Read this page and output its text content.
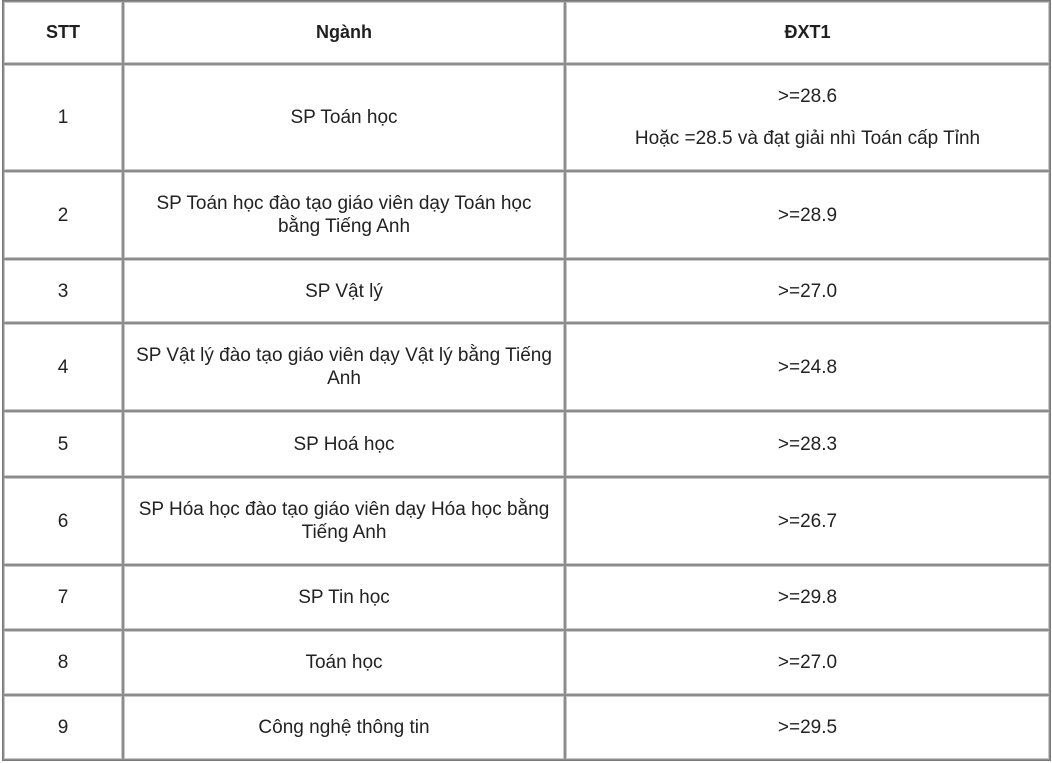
STT	Ngành	ĐXT1
1	SP Toán học	>=28.6
Hoặc =28.5 và đạt giải nhì Toán cấp Tỉnh

2	SP Toán học đào tạo giáo viên dạy Toán học bằng Tiếng Anh	>=28.9

3	SP Vật lý	>=27.0

4	SP Vật lý đào tạo giáo viên dạy Vật lý bằng Tiếng Anh	>=24.8

5	SP Hoá học	>=28.3

6	SP Hóa học đào tạo giáo viên dạy Hóa học bằng Tiếng Anh	>=26.7

7	SP Tin học	>=29.8

8	Toán học	>=27.0

9	Công nghệ thông tin	>=29.5
